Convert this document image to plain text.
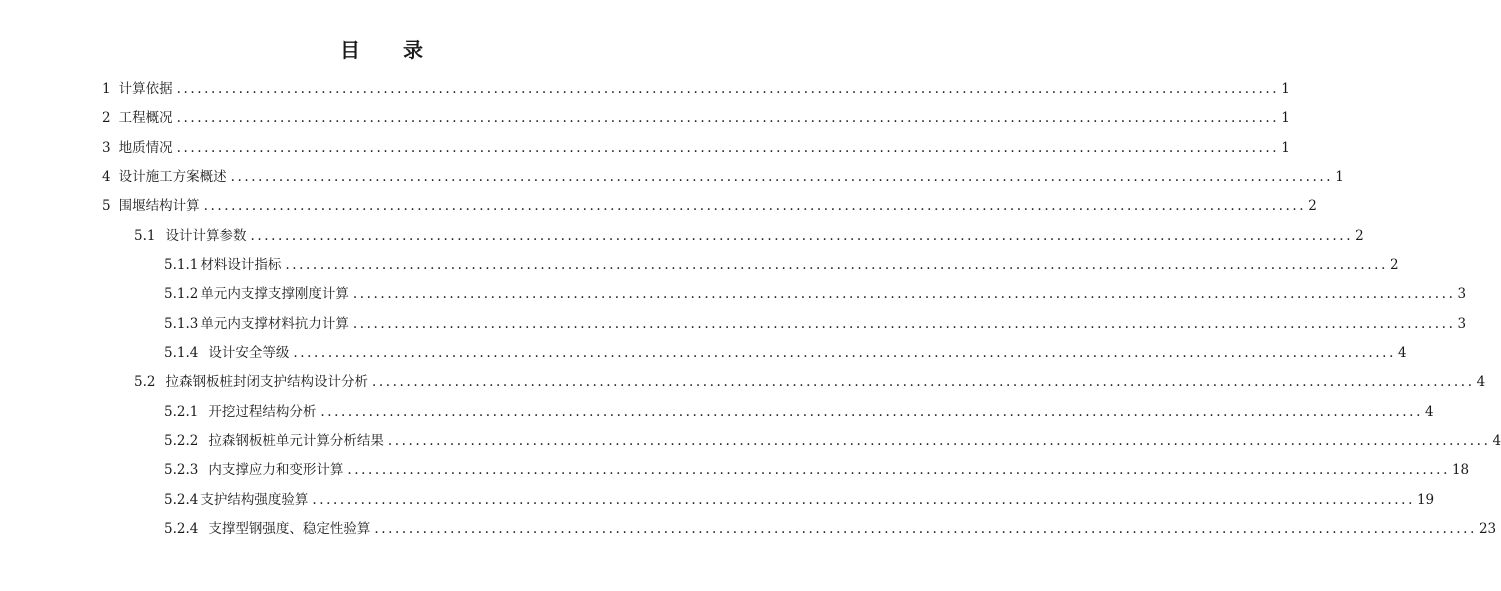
目 录
1 计算依据 ................................................................................................................................................................ 1
2 工程概况 ................................................................................................................................................................ 1
3 地质情况 ................................................................................................................................................................ 1
4 设计施工方案概述 ................................................................................................................................................................ 1
5 围堰结构计算 ................................................................................................................................................................ 2
5.1 设计计算参数 ................................................................................................................................................................ 2
5.1.1 材料设计指标 ................................................................................................................................................................ 2
5.1.2 单元内支撑支撑刚度计算 ................................................................................................................................................................ 3
5.1.3 单元内支撑材料抗力计算 ................................................................................................................................................................ 3
5.1.4 设计安全等级 ................................................................................................................................................................ 4
5.2 拉森钢板桩封闭支护结构设计分析 ................................................................................................................................................................ 4
5.2.1 开挖过程结构分析 ................................................................................................................................................................ 4
5.2.2 拉森钢板桩单元计算分析结果 ................................................................................................................................................................ 4
5.2.3 内支撑应力和变形计算 ................................................................................................................................................................ 18
5.2.4 支护结构强度验算 ................................................................................................................................................................ 19
5.2.4 支撑型钢强度、稳定性验算 ................................................................................................................................................................ 23
